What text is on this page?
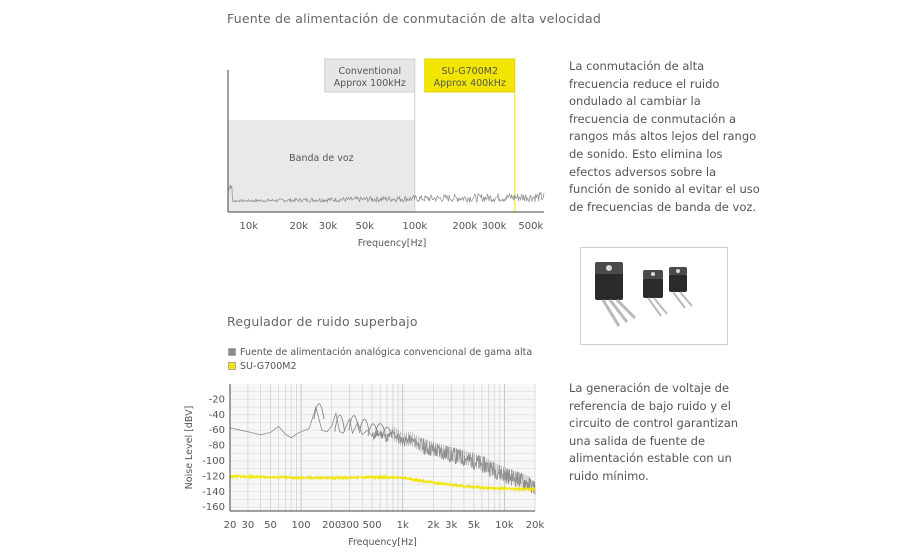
Fuente de alimentación de conmutación de alta velocidad
Banda de voz
Conventional
Approx 100kHz
SU-G700M2
Approx 400kHz
10k	20k 30k 50k	100k	200k 300k 500k
Frequency[Hz]
La conmutación de alta frecuencia reduce el ruido ondulado al cambiar la frecuencia de conmutación a rangos más altos lejos del rango de sonido. Esto elimina los efectos adversos sobre la función de sonido al evitar el uso de frecuencias de banda de voz.
Regulador de ruido superbajo
Fuente de alimentación analógica convencional de gama alta
SU-G700M2
-20
-40
-60
-80
-100
-120
-140
-160
20 30 50 100 200
300 500 1k 2k 3k 5k 10k 20k
Frequency[Hz]
Noise Level [dBV]
La generación de voltaje de referencia de bajo ruido y el circuito de control garantizan una salida de fuente de alimentación estable con un ruido mínimo.
